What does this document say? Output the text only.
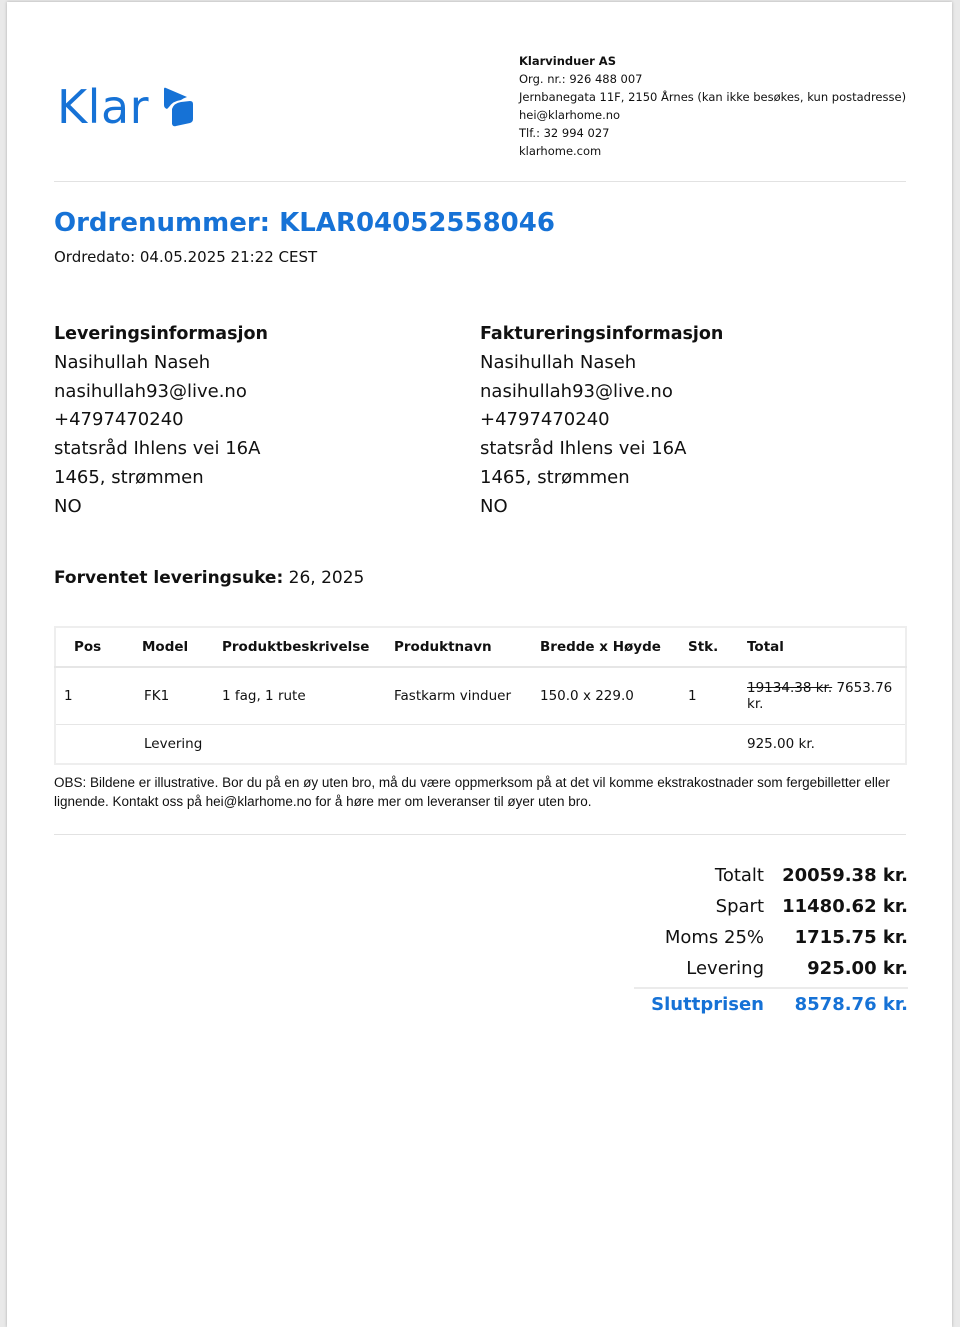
Klar
Klarvinduer AS
Org. nr.: 926 488 007
Jernbanegata 11F, 2150 Årnes (kan ikke besøkes, kun postadresse)
hei@klarhome.no
Tlf.: 32 994 027
klarhome.com
Ordrenummer: KLAR04052558046
Ordredato: 04.05.2025 21:22 CEST
Leveringsinformasjon
Nasihullah Naseh
nasihullah93@live.no
+4797470240
statsråd Ihlens vei 16A
1465, strømmen
NO
Faktureringsinformasjon
Nasihullah Naseh
nasihullah93@live.no
+4797470240
statsråd Ihlens vei 16A
1465, strømmen
NO
Forventet leveringsuke: 26, 2025
Pos	Model	Produktbeskrivelse	Produktnavn	Bredde x Høyde	Stk.	Total
1	FK1	1 fag, 1 rute	Fastkarm vinduer	150.0 x 229.0	1	19134.38 kr. 7653.76 kr.
	Levering					925.00 kr.
OBS: Bildene er illustrative. Bor du på en øy uten bro, må du være oppmerksom på at det vil komme ekstrakostnader som fergebilletter eller lignende. Kontakt oss på hei@klarhome.no for å høre mer om leveranser til øyer uten bro.
Totalt	20059.38 kr.
Spart	11480.62 kr.
Moms 25%	1715.75 kr.
Levering	925.00 kr.
Sluttprisen	8578.76 kr.
